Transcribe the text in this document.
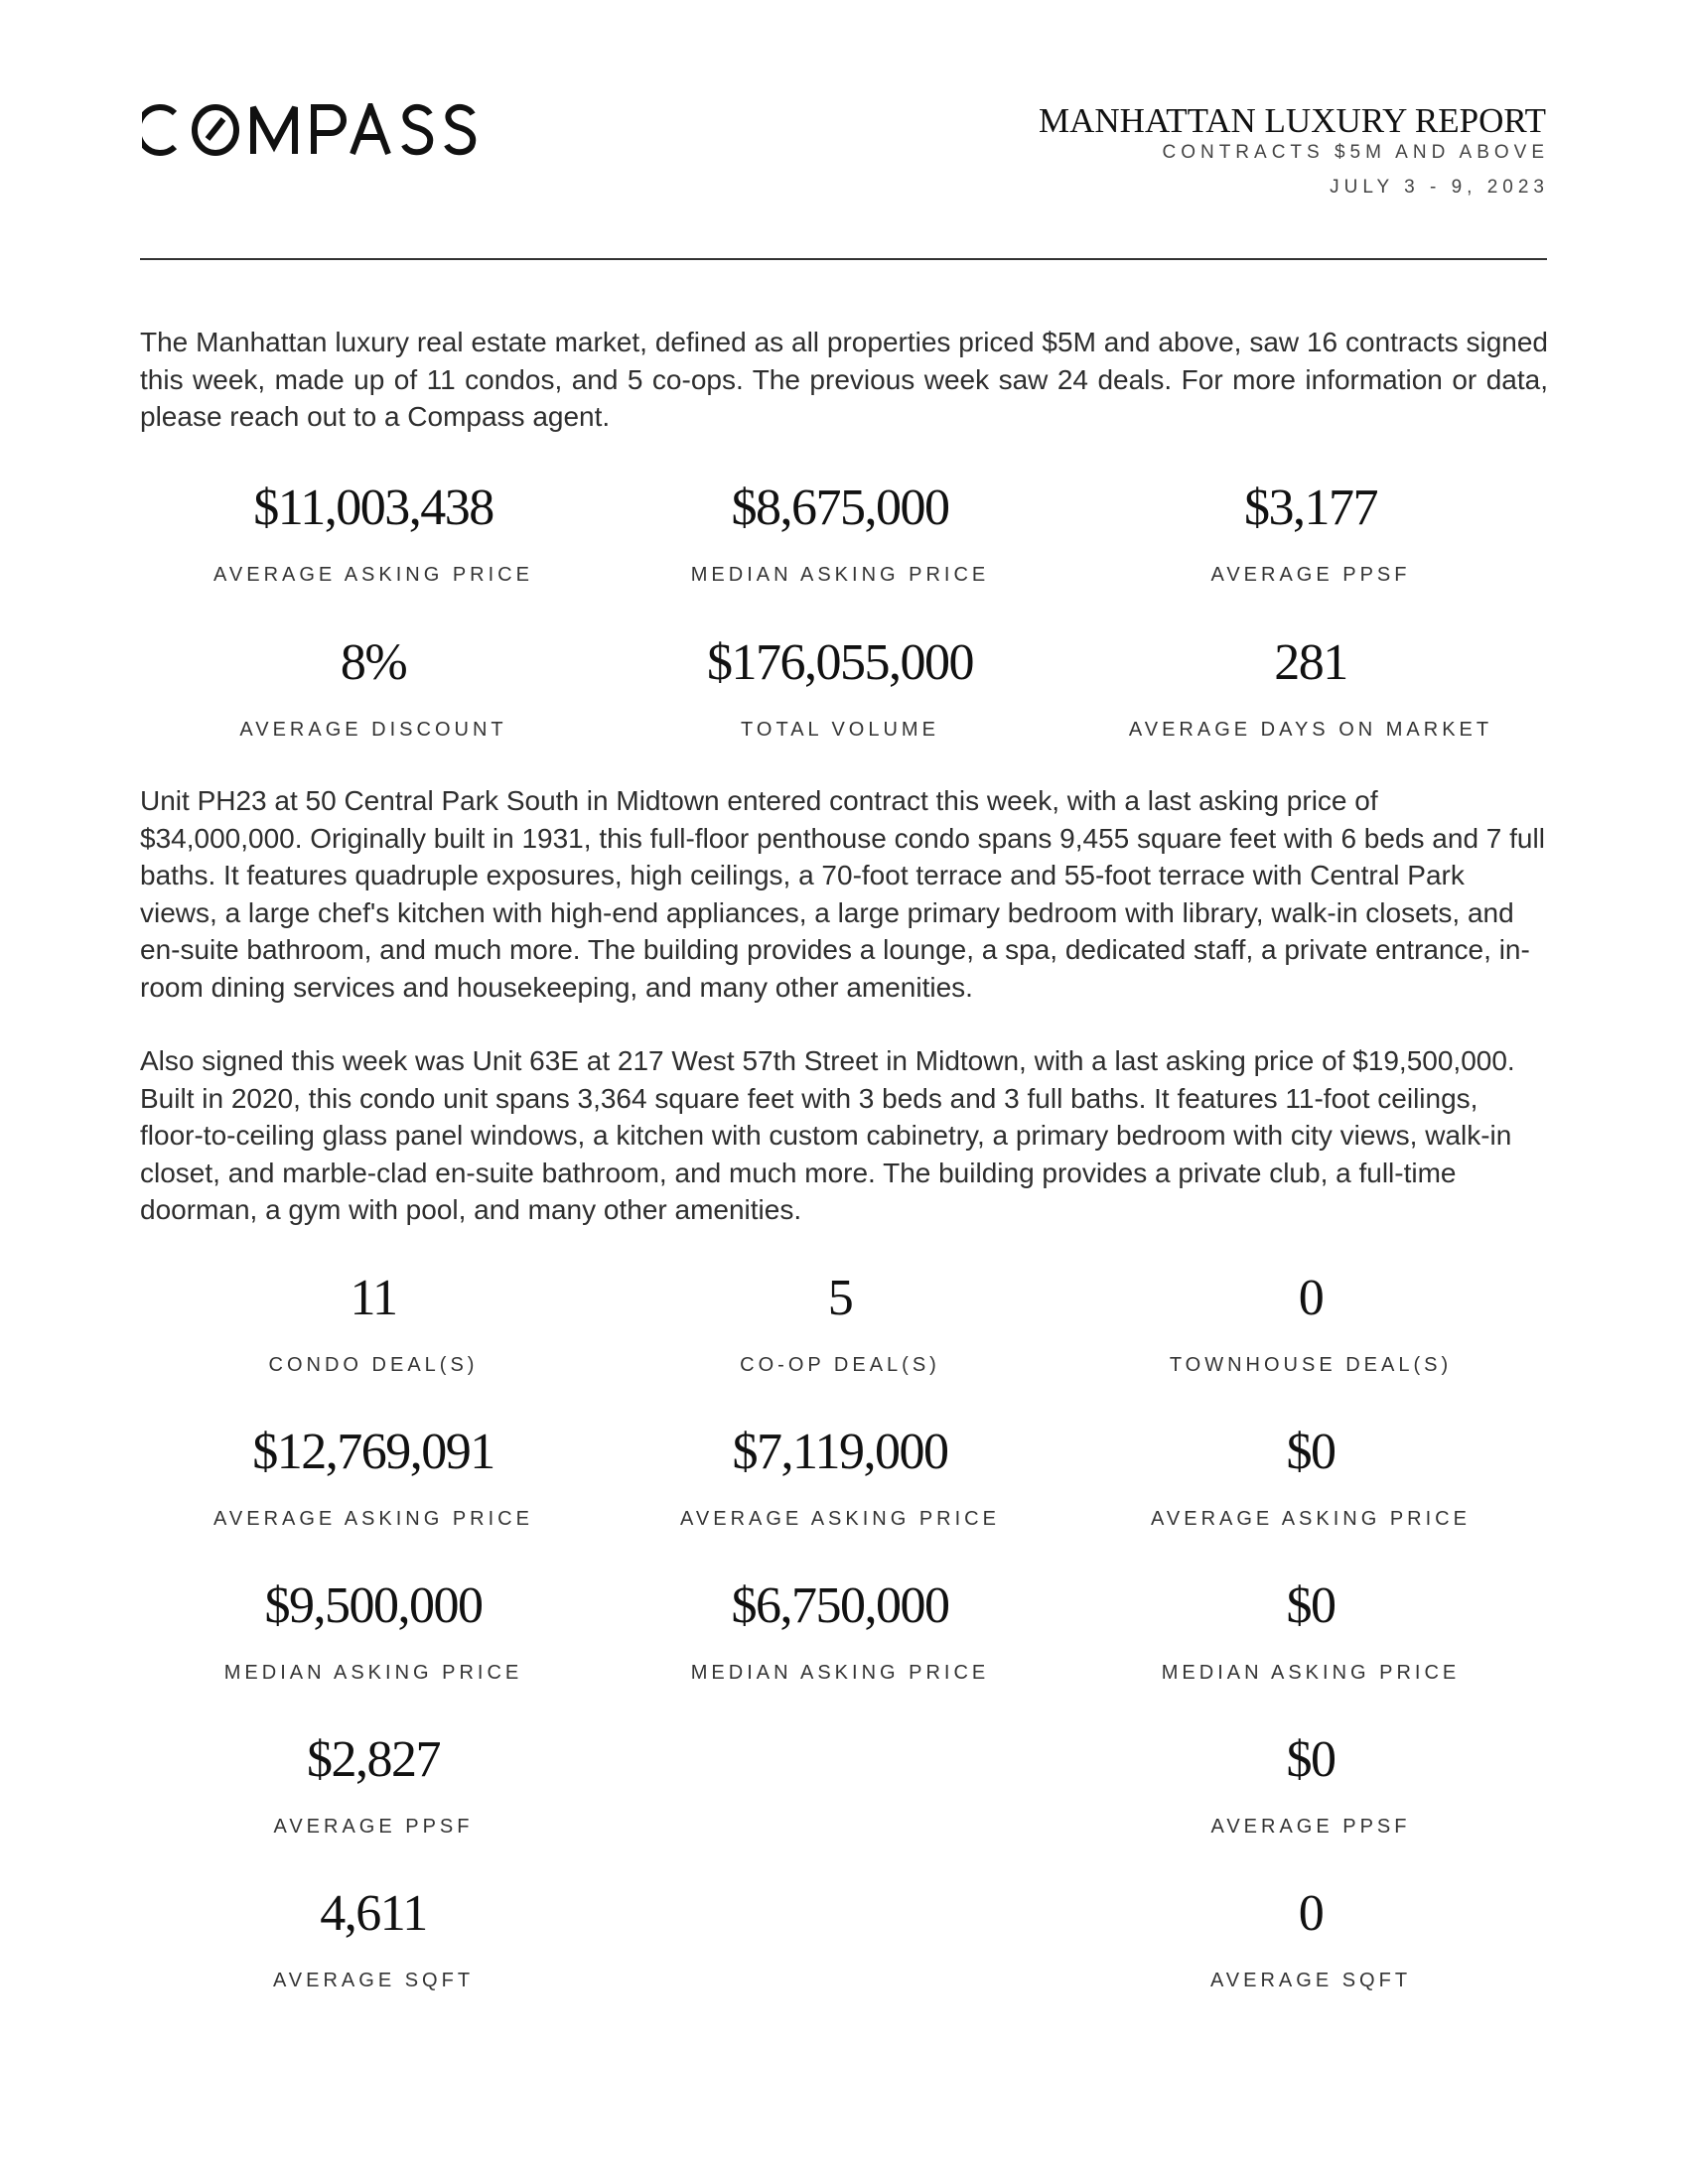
MANHATTAN LUXURY REPORT
CONTRACTS $5M AND ABOVE
JULY 3 - 9, 2023

The Manhattan luxury real estate market, defined as all properties priced $5M and above, saw 16 contracts signed this week, made up of 11 condos, and 5 co-ops. The previous week saw 24 deals. For more information or data, please reach out to a Compass agent.

$11,003,438
AVERAGE ASKING PRICE
$8,675,000
MEDIAN ASKING PRICE
$3,177
AVERAGE PPSF
8%
AVERAGE DISCOUNT
$176,055,000
TOTAL VOLUME
281
AVERAGE DAYS ON MARKET

Unit PH23 at 50 Central Park South in Midtown entered contract this week, with a last asking price of $34,000,000. Originally built in 1931, this full-floor penthouse condo spans 9,455 square feet with 6 beds and 7 full baths. It features quadruple exposures, high ceilings, a 70-foot terrace and 55-foot terrace with Central Park views, a large chef's kitchen with high-end appliances, a large primary bedroom with library, walk-in closets, and en-suite bathroom, and much more. The building provides a lounge, a spa, dedicated staff, a private entrance, in-room dining services and housekeeping, and many other amenities.

Also signed this week was Unit 63E at 217 West 57th Street in Midtown, with a last asking price of $19,500,000. Built in 2020, this condo unit spans 3,364 square feet with 3 beds and 3 full baths. It features 11-foot ceilings, floor-to-ceiling glass panel windows, a kitchen with custom cabinetry, a primary bedroom with city views, walk-in closet, and marble-clad en-suite bathroom, and much more. The building provides a private club, a full-time doorman, a gym with pool, and many other amenities.

11
CONDO DEAL(S)
5
CO-OP DEAL(S)
0
TOWNHOUSE DEAL(S)
$12,769,091
AVERAGE ASKING PRICE
$7,119,000
AVERAGE ASKING PRICE
$0
AVERAGE ASKING PRICE
$9,500,000
MEDIAN ASKING PRICE
$6,750,000
MEDIAN ASKING PRICE
$0
MEDIAN ASKING PRICE
$2,827
AVERAGE PPSF
$0
AVERAGE PPSF
4,611
AVERAGE SQFT
0
AVERAGE SQFT
